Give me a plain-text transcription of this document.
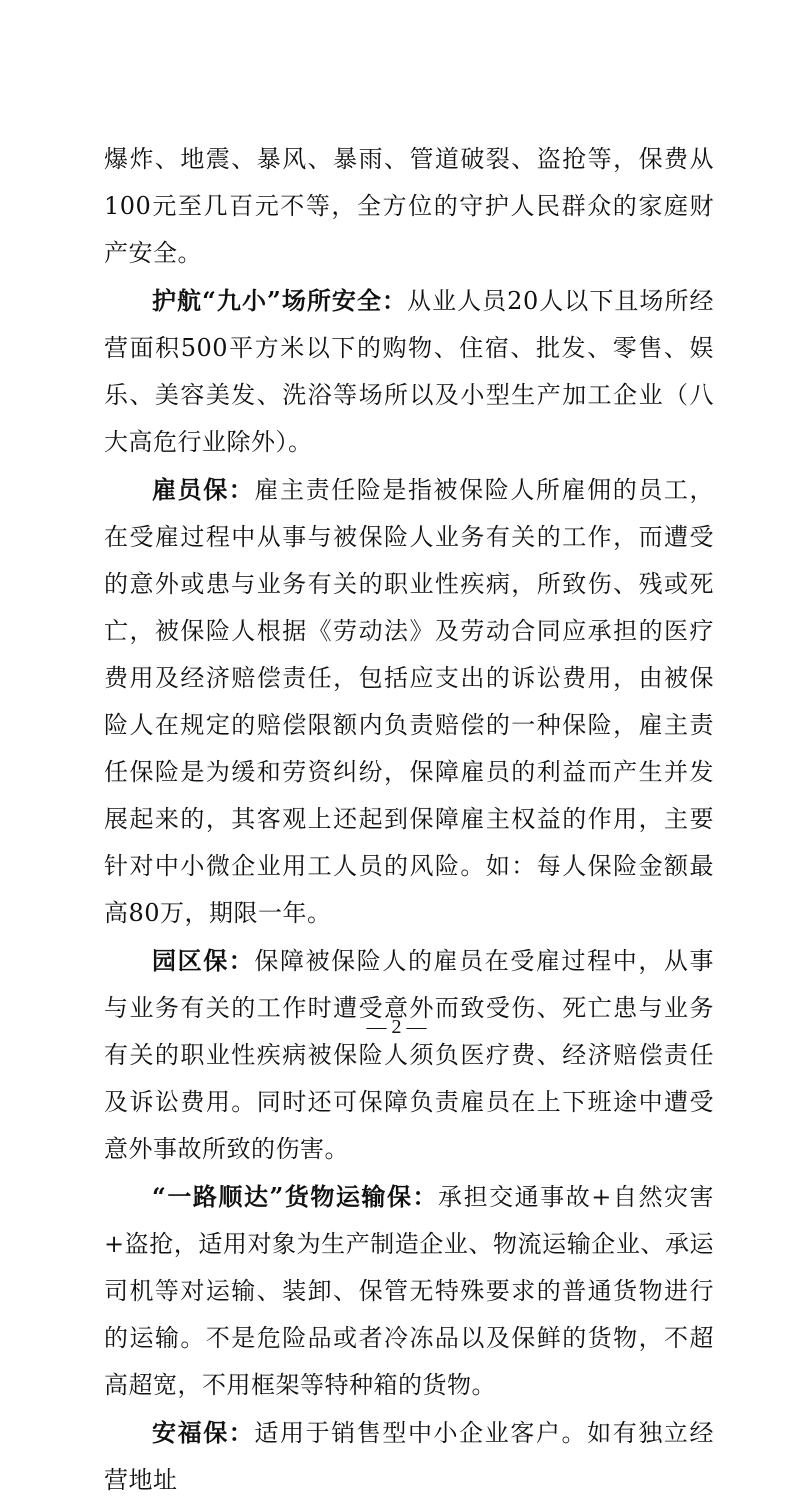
爆炸、地震、暴风、暴雨、管道破裂、盗抢等，保费从100元至几百元不等，全方位的守护人民群众的家庭财产安全。

护航“九小”场所安全：从业人员20人以下且场所经营面积500平方米以下的购物、住宿、批发、零售、娱乐、美容美发、洗浴等场所以及小型生产加工企业（八大高危行业除外）。

雇员保：雇主责任险是指被保险人所雇佣的员工，在受雇过程中从事与被保险人业务有关的工作，而遭受的意外或患与业务有关的职业性疾病，所致伤、残或死亡，被保险人根据《劳动法》及劳动合同应承担的医疗费用及经济赔偿责任，包括应支出的诉讼费用，由被保险人在规定的赔偿限额内负责赔偿的一种保险，雇主责任保险是为缓和劳资纠纷，保障雇员的利益而产生并发展起来的，其客观上还起到保障雇主权益的作用，主要针对中小微企业用工人员的风险。如：每人保险金额最高80万，期限一年。

园区保：保障被保险人的雇员在受雇过程中，从事与业务有关的工作时遭受意外而致受伤、死亡患与业务有关的职业性疾病被保险人须负医疗费、经济赔偿责任及诉讼费用。同时还可保障负责雇员在上下班途中遭受意外事故所致的伤害。

“一路顺达”货物运输保：承担交通事故+自然灾害+盗抢，适用对象为生产制造企业、物流运输企业、承运司机等对运输、装卸、保管无特殊要求的普通货物进行的运输。不是危险品或者冷冻品以及保鲜的货物，不超高超宽，不用框架等特种箱的货物。

安福保：适用于销售型中小企业客户。如有独立经营地址

— 2 —
